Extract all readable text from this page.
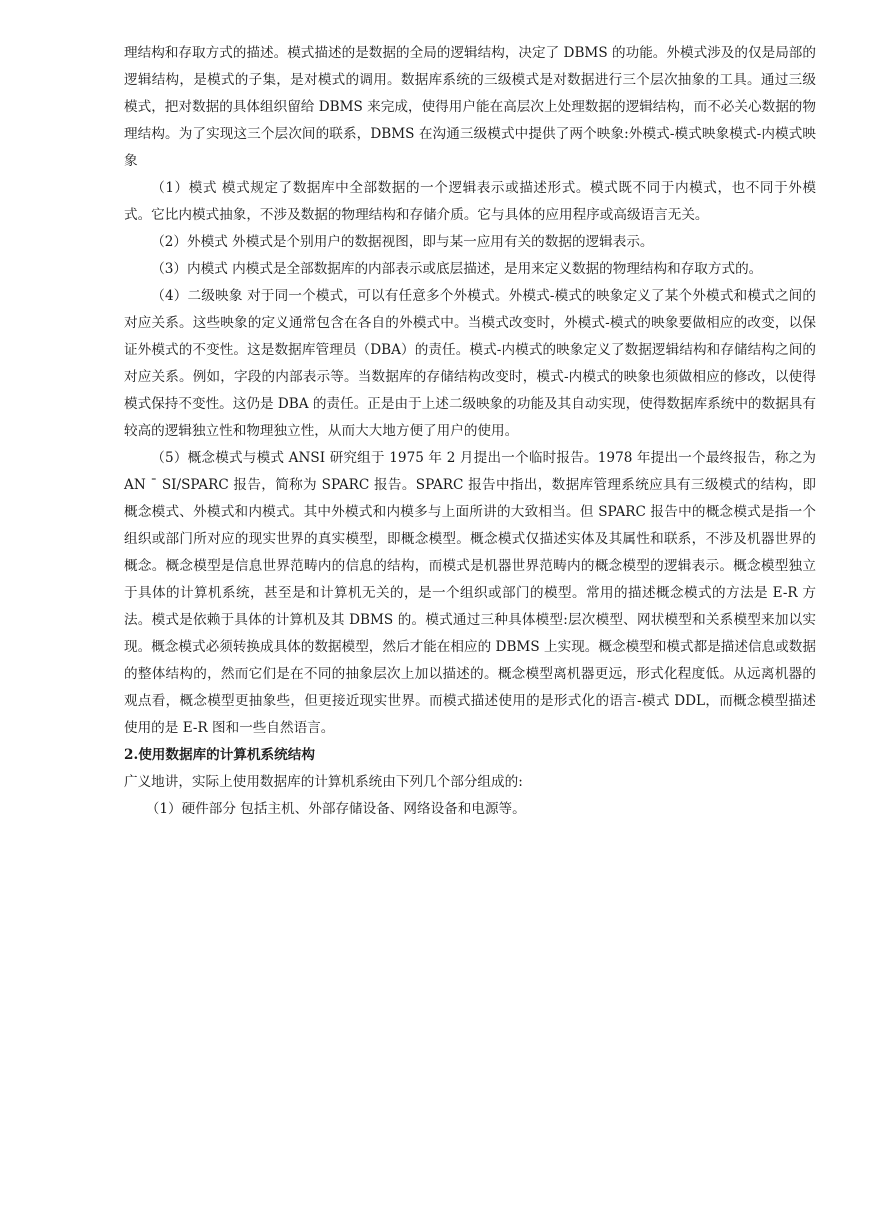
理结构和存取方式的描述。模式描述的是数据的全局的逻辑结构，决定了 DBMS 的功能。外模式涉及的仅是局部的逻辑结构，是模式的子集，是对模式的调用。数据库系统的三级模式是对数据进行三个层次抽象的工具。通过三级模式，把对数据的具体组织留给 DBMS 来完成，使得用户能在高层次上处理数据的逻辑结构，而不必关心数据的物理结构。为了实现这三个层次间的联系，DBMS 在沟通三级模式中提供了两个映象:外模式-模式映象模式-内模式映象

（1）模式 模式规定了数据库中全部数据的一个逻辑表示或描述形式。模式既不同于内模式，也不同于外模式。它比内模式抽象，不涉及数据的物理结构和存储介质。它与具体的应用程序或高级语言无关。

（2）外模式 外模式是个别用户的数据视图，即与某一应用有关的数据的逻辑表示。

（3）内模式 内模式是全部数据库的内部表示或底层描述，是用来定义数据的物理结构和存取方式的。

（4）二级映象 对于同一个模式，可以有任意多个外模式。外模式-模式的映象定义了某个外模式和模式之间的对应关系。这些映象的定义通常包含在各自的外模式中。当模式改变时，外模式-模式的映象要做相应的改变，以保证外模式的不变性。这是数据库管理员（DBA）的责任。模式-内模式的映象定义了数据逻辑结构和存储结构之间的对应关系。例如，字段的内部表示等。当数据库的存储结构改变时，模式-内模式的映象也须做相应的修改，以使得模式保持不变性。这仍是 DBA 的责任。正是由于上述二级映象的功能及其自动实现，使得数据库系统中的数据具有较高的逻辑独立性和物理独立性，从而大大地方便了用户的使用。

（5）概念模式与模式 ANSI 研究组于 1975 年 2 月提出一个临时报告。1978 年提出一个最终报告，称之为 AN ¯ SI/SPARC 报告，简称为 SPARC 报告。SPARC 报告中指出，数据库管理系统应具有三级模式的结构，即概念模式、外模式和内模式。其中外模式和内模多与上面所讲的大致相当。但 SPARC 报告中的概念模式是指一个组织或部门所对应的现实世界的真实模型，即概念模型。概念模式仅描述实体及其属性和联系，不涉及机器世界的概念。概念模型是信息世界范畴内的信息的结构，而模式是机器世界范畴内的概念模型的逻辑表示。概念模型独立于具体的计算机系统，甚至是和计算机无关的，是一个组织或部门的模型。常用的描述概念模式的方法是 E-R 方法。模式是依赖于具体的计算机及其 DBMS 的。模式通过三种具体模型:层次模型、网状模型和关系模型来加以实现。概念模式必须转换成具体的数据模型，然后才能在相应的 DBMS 上实现。概念模型和模式都是描述信息或数据的整体结构的，然而它们是在不同的抽象层次上加以描述的。概念模型离机器更远，形式化程度低。从远离机器的观点看，概念模型更抽象些，但更接近现实世界。而模式描述使用的是形式化的语言-模式 DDL，而概念模型描述使用的是 E-R 图和一些自然语言。

2.使用数据库的计算机系统结构

广义地讲，实际上使用数据库的计算机系统由下列几个部分组成的:

（1）硬件部分 包括主机、外部存储设备、网络设备和电源等。
